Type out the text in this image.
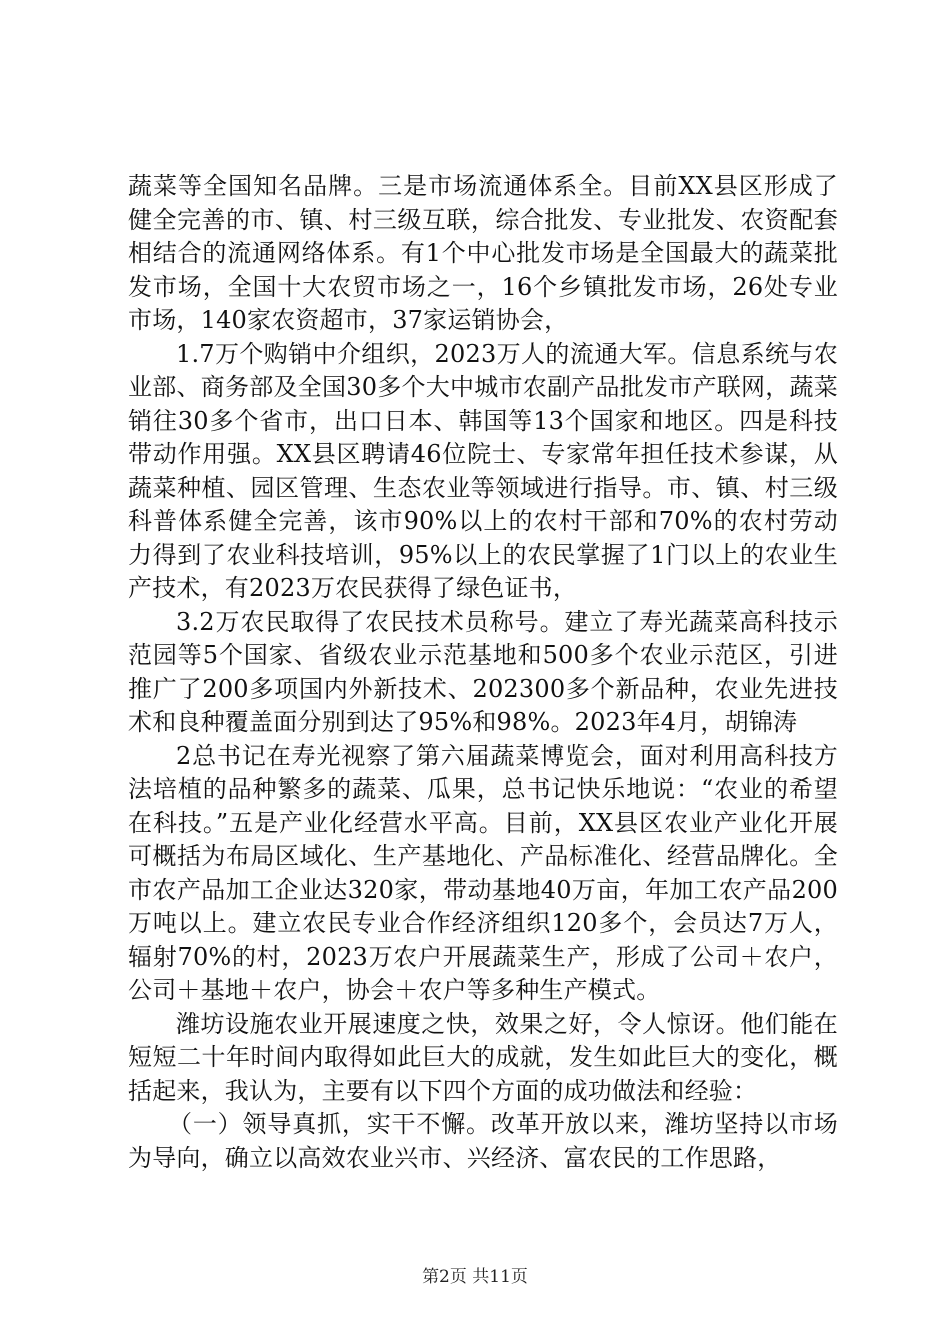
蔬菜等全国知名品牌。三是市场流通体系全。目前XX县区形成了健全完善的市、镇、村三级互联，综合批发、专业批发、农资配套相结合的流通网络体系。有1个中心批发市场是全国最大的蔬菜批发市场，全国十大农贸市场之一，16个乡镇批发市场，26处专业市场，140家农资超市，37家运销协会，

1.7万个购销中介组织，2023万人的流通大军。信息系统与农业部、商务部及全国30多个大中城市农副产品批发市产联网，蔬菜销往30多个省市，出口日本、韩国等13个国家和地区。四是科技带动作用强。XX县区聘请46位院士、专家常年担任技术参谋，从蔬菜种植、园区管理、生态农业等领域进行指导。市、镇、村三级科普体系健全完善，该市90%以上的农村干部和70%的农村劳动力得到了农业科技培训，95%以上的农民掌握了1门以上的农业生产技术，有2023万农民获得了绿色证书，

3.2万农民取得了农民技术员称号。建立了寿光蔬菜高科技示范园等5个国家、省级农业示范基地和500多个农业示范区，引进推广了200多项国内外新技术、202300多个新品种，农业先进技术和良种覆盖面分别到达了95%和98%。2023年4月，胡锦涛

2总书记在寿光视察了第六届蔬菜博览会，面对利用高科技方法培植的品种繁多的蔬菜、瓜果，总书记快乐地说：“农业的希望在科技。”五是产业化经营水平高。目前，XX县区农业产业化开展可概括为布局区域化、生产基地化、产品标准化、经营品牌化。全市农产品加工企业达320家，带动基地40万亩，年加工农产品200万吨以上。建立农民专业合作经济组织120多个，会员达7万人，辐射70%的村，2023万农户开展蔬菜生产，形成了公司＋农户，公司＋基地＋农户，协会＋农户等多种生产模式。

潍坊设施农业开展速度之快，效果之好，令人惊讶。他们能在短短二十年时间内取得如此巨大的成就，发生如此巨大的变化，概括起来，我认为，主要有以下四个方面的成功做法和经验：

（一）领导真抓，实干不懈。改革开放以来，潍坊坚持以市场为导向，确立以高效农业兴市、兴经济、富农民的工作思路，

第2页 共11页
